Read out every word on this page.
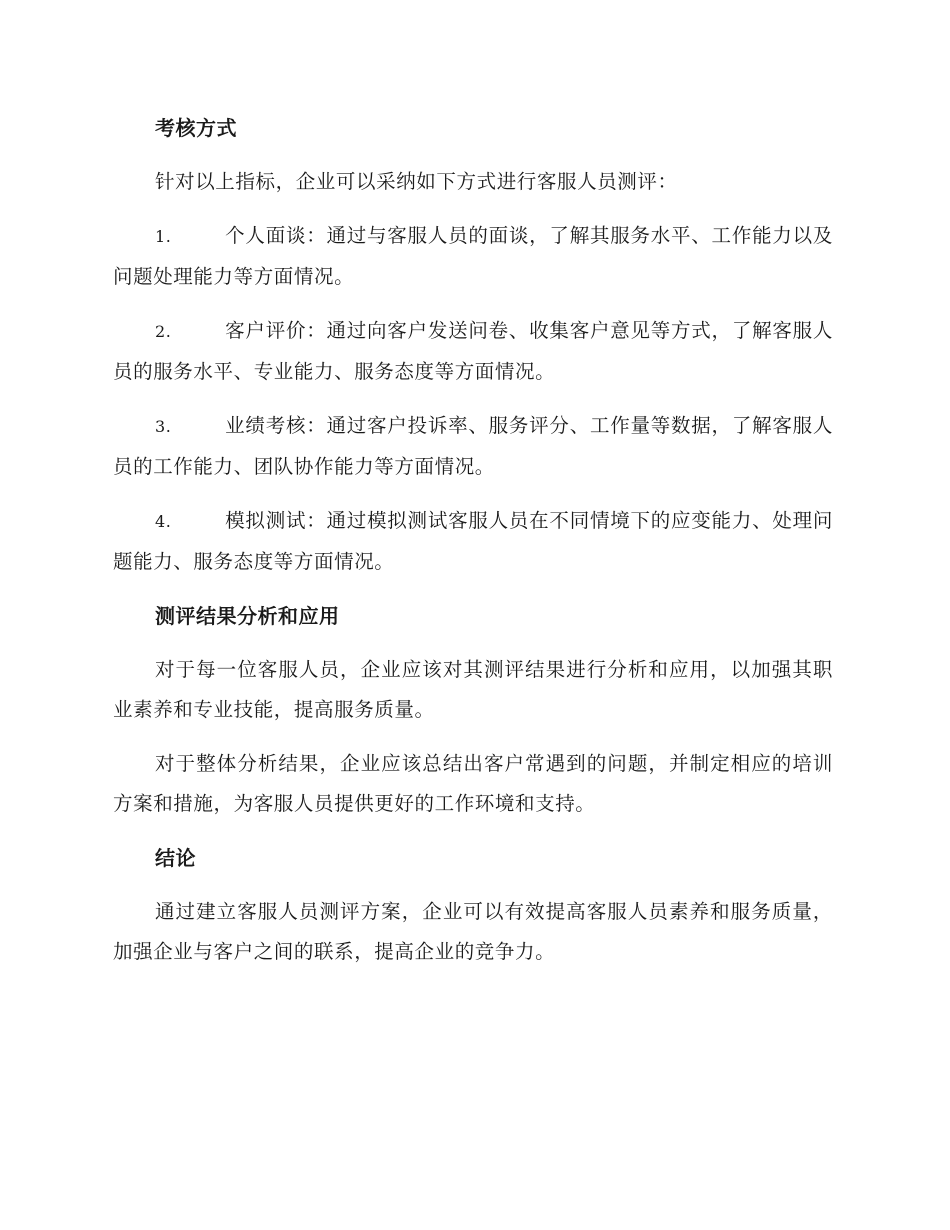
考核方式

针对以上指标，企业可以采纳如下方式进行客服人员测评：

1.	个人面谈：通过与客服人员的面谈，了解其服务水平、工作能力以及问题处理能力等方面情况。

2.	客户评价：通过向客户发送问卷、收集客户意见等方式，了解客服人员的服务水平、专业能力、服务态度等方面情况。

3.	业绩考核：通过客户投诉率、服务评分、工作量等数据，了解客服人员的工作能力、团队协作能力等方面情况。

4.	模拟测试：通过模拟测试客服人员在不同情境下的应变能力、处理问题能力、服务态度等方面情况。

测评结果分析和应用

对于每一位客服人员，企业应该对其测评结果进行分析和应用，以加强其职业素养和专业技能，提高服务质量。

对于整体分析结果，企业应该总结出客户常遇到的问题，并制定相应的培训方案和措施，为客服人员提供更好的工作环境和支持。

结论

通过建立客服人员测评方案，企业可以有效提高客服人员素养和服务质量，加强企业与客户之间的联系，提高企业的竞争力。
